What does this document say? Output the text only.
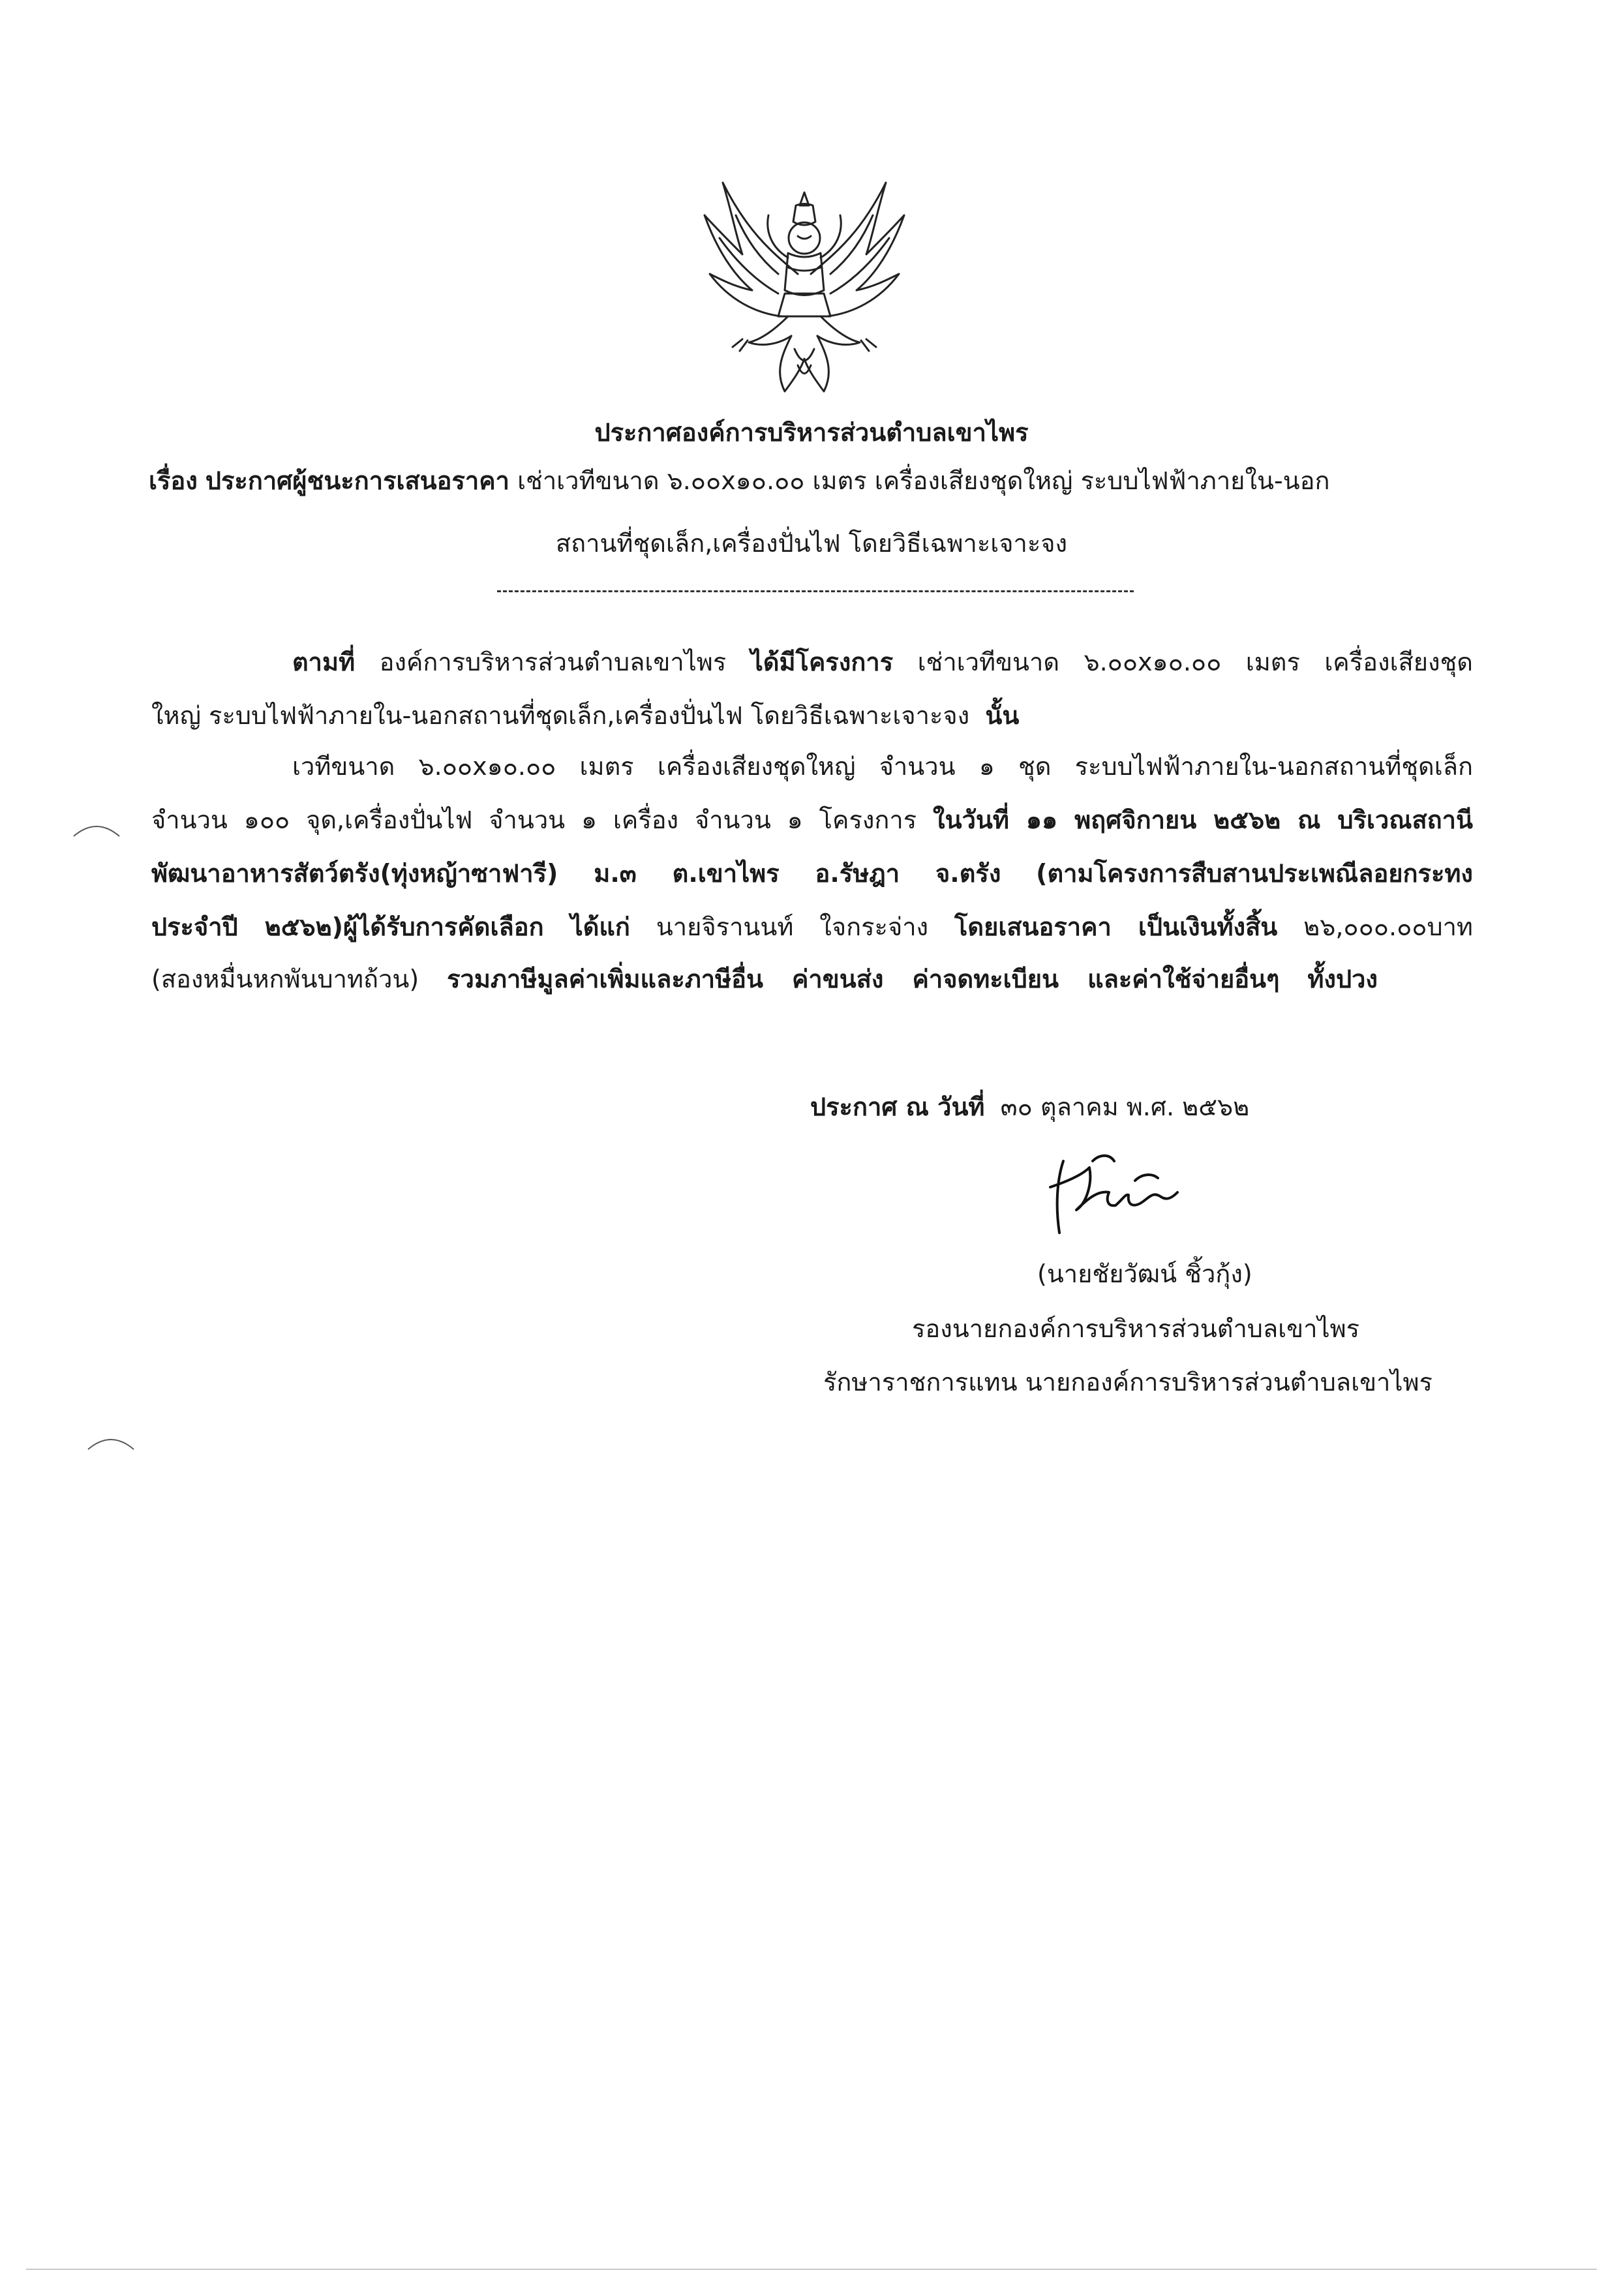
ประกาศองค์การบริหารส่วนตำบลเขาไพร
เรื่อง ประกาศผู้ชนะการเสนอราคา เช่าเวทีขนาด ๖.๐๐x๑๐.๐๐ เมตร เครื่องเสียงชุดใหญ่ ระบบไฟฟ้าภายใน-นอก
สถานที่ชุดเล็ก,เครื่องปั่นไฟ โดยวิธีเฉพาะเจาะจง
ตามที่ องค์การบริหารส่วนตำบลเขาไพร ได้มีโครงการ เช่าเวทีขนาด ๖.๐๐x๑๐.๐๐ เมตร เครื่องเสียงชุด
ใหญ่ ระบบไฟฟ้าภายใน-นอกสถานที่ชุดเล็ก,เครื่องปั่นไฟ โดยวิธีเฉพาะเจาะจง นั้น
เวทีขนาด ๖.๐๐x๑๐.๐๐ เมตร เครื่องเสียงชุดใหญ่ จำนวน ๑ ชุด ระบบไฟฟ้าภายใน-นอกสถานที่ชุดเล็ก
จำนวน ๑๐๐ จุด,เครื่องปั่นไฟ จำนวน ๑ เครื่อง จำนวน ๑ โครงการ ในวันที่ ๑๑ พฤศจิกายน ๒๕๖๒ ณ บริเวณสถานี
พัฒนาอาหารสัตว์ตรัง(ทุ่งหญ้าซาฟารี) ม.๓ ต.เขาไพร อ.รัษฎา จ.ตรัง (ตามโครงการสืบสานประเพณีลอยกระทง
ประจำปี ๒๕๖๒)ผู้ได้รับการคัดเลือก ได้แก่ นายจิรานนท์ ใจกระจ่าง โดยเสนอราคา เป็นเงินทั้งสิ้น ๒๖,๐๐๐.๐๐บาท
(สองหมื่นหกพันบาทถ้วน) รวมภาษีมูลค่าเพิ่มและภาษีอื่น ค่าขนส่ง ค่าจดทะเบียน และค่าใช้จ่ายอื่นๆ ทั้งปวง
ประกาศ ณ วันที่ ๓๐ ตุลาคม พ.ศ. ๒๕๖๒
(นายชัยวัฒน์ ชิ้วกุ้ง)
รองนายกองค์การบริหารส่วนตำบลเขาไพร
รักษาราชการแทน นายกองค์การบริหารส่วนตำบลเขาไพร
